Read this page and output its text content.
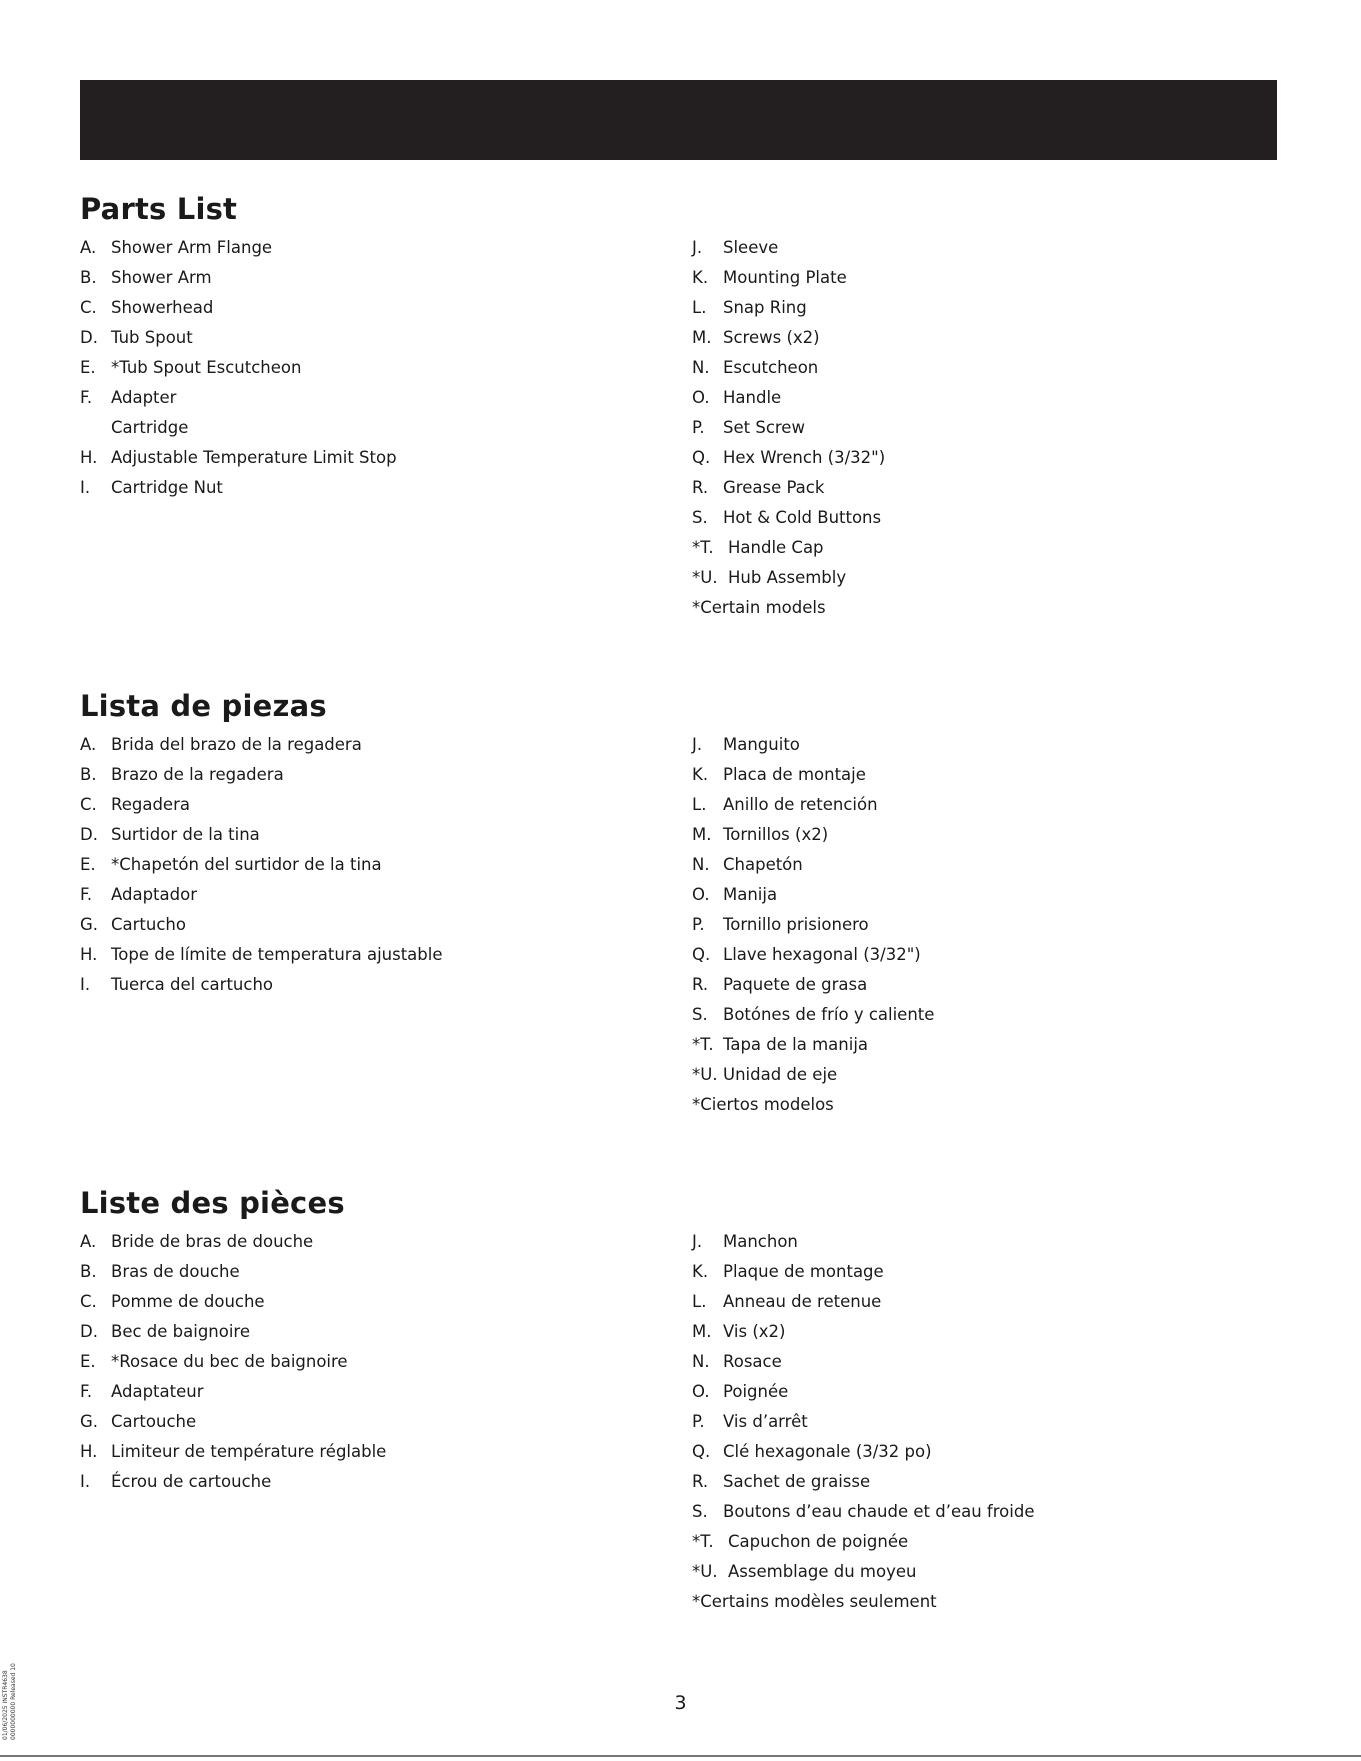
Parts List
A. Shower Arm Flange
B. Shower Arm
C. Showerhead
D. Tub Spout
E. *Tub Spout Escutcheon
F.	Adapter
Cartridge
H. Adjustable Temperature Limit Stop
I.	Cartridge Nut
J.	Sleeve
K. Mounting Plate
L.	Snap Ring
M. Screws (x2)
N. Escutcheon
O. Handle
P.	Set Screw
Q. Hex Wrench (3/32")
R. Grease Pack
S. Hot & Cold Buttons
*T. Handle Cap
*U. Hub Assembly
*Certain models
Lista de piezas
A. Brida del brazo de la regadera
B. Brazo de la regadera
C. Regadera
D. Surtidor de la tina
E. *Chapetón del surtidor de la tina
F.	Adaptador
G. Cartucho
H. Tope de límite de temperatura ajustable
I.	Tuerca del cartucho
J.	Manguito
K. Placa de montaje
L.	Anillo de retención
M. Tornillos (x2)
N. Chapetón
O. Manija
P.	Tornillo prisionero
Q. Llave hexagonal (3/32")
R. Paquete de grasa
S. Botónes de frío y caliente
*T. Tapa de la manija
*U. Unidad de eje
*Ciertos modelos
Liste des pièces
A. Bride de bras de douche
B. Bras de douche
C. Pomme de douche
D. Bec de baignoire
E. *Rosace du bec de baignoire
F.	Adaptateur
G. Cartouche
H. Limiteur de température réglable
I.	Écrou de cartouche
J.	Manchon
K. Plaque de montage
L.	Anneau de retenue
M. Vis (x2)
N. Rosace
O. Poignée
P.	Vis d’arrêt
Q. Clé hexagonale (3/32 po)
R. Sachet de graisse
S. Boutons d’eau chaude et d’eau froide
*T. Capuchon de poignée
*U. Assemblage du moyeu
*Certains modèles seulement
3
01/06/2025 INSTR4638 0000000000 Released 10
